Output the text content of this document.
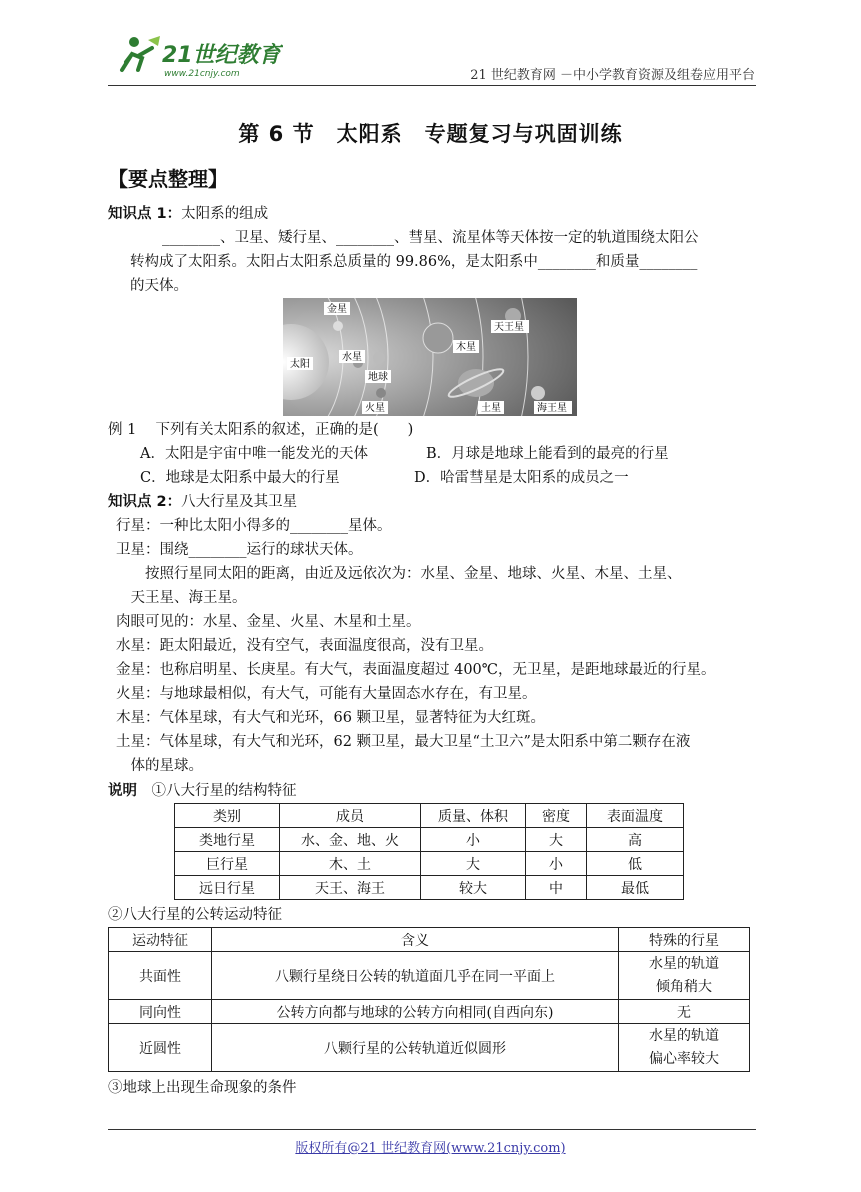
21世纪教育
www.21cnjy.com	21 世纪教育网 －中小学教育资源及组卷应用平台
第 6 节　太阳系　专题复习与巩固训练
【要点整理】
知识点 1：太阳系的组成
________、卫星、矮行星、________、彗星、流星体等天体按一定的轨道围绕太阳公
转构成了太阳系。太阳占太阳系总质量的 99.86%，是太阳系中________和质量________
的天体。
金星
水星
太阳
地球
火星
木星
土星
天王星
海王星
例 1　 下列有关太阳系的叙述，正确的是(　　)
A．太阳是宇宙中唯一能发光的天体	B．月球是地球上能看到的最亮的行星
C．地球是太阳系中最大的行星	D．哈雷彗星是太阳系的成员之一
知识点 2：八大行星及其卫星
行星：一种比太阳小得多的________星体。
卫星：围绕________运行的球状天体。
　　按照行星同太阳的距离，由近及远依次为：水星、金星、地球、火星、木星、土星、
　天王星、海王星。
肉眼可见的：水星、金星、火星、木星和土星。
水星：距太阳最近，没有空气，表面温度很高，没有卫星。
金星：也称启明星、长庚星。有大气，表面温度超过 400℃，无卫星，是距地球最近的行星。
火星：与地球最相似，有大气，可能有大量固态水存在，有卫星。
木星：气体星球，有大气和光环，66 颗卫星，显著特征为大红斑。
土星：气体星球，有大气和光环，62 颗卫星，最大卫星“土卫六”是太阳系中第二颗存在液
　体的星球。
说明　 ①八大行星的结构特征
类别	成员	质量、体积	密度	表面温度
类地行星	水、金、地、火	小	大	高
巨行星	木、土	大	小	低
远日行星	天王、海王	较大	中	最低
②八大行星的公转运动特征
运动特征	含义	特殊的行星
共面性	八颗行星绕日公转的轨道面几乎在同一平面上	水星的轨道
倾角稍大

同向性	公转方向都与地球的公转方向相同(自西向东)	无
近圆性	八颗行星的公转轨道近似圆形	水星的轨道
偏心率较大
③地球上出现生命现象的条件
版权所有@21 世纪教育网(www.21cnjy.com)
